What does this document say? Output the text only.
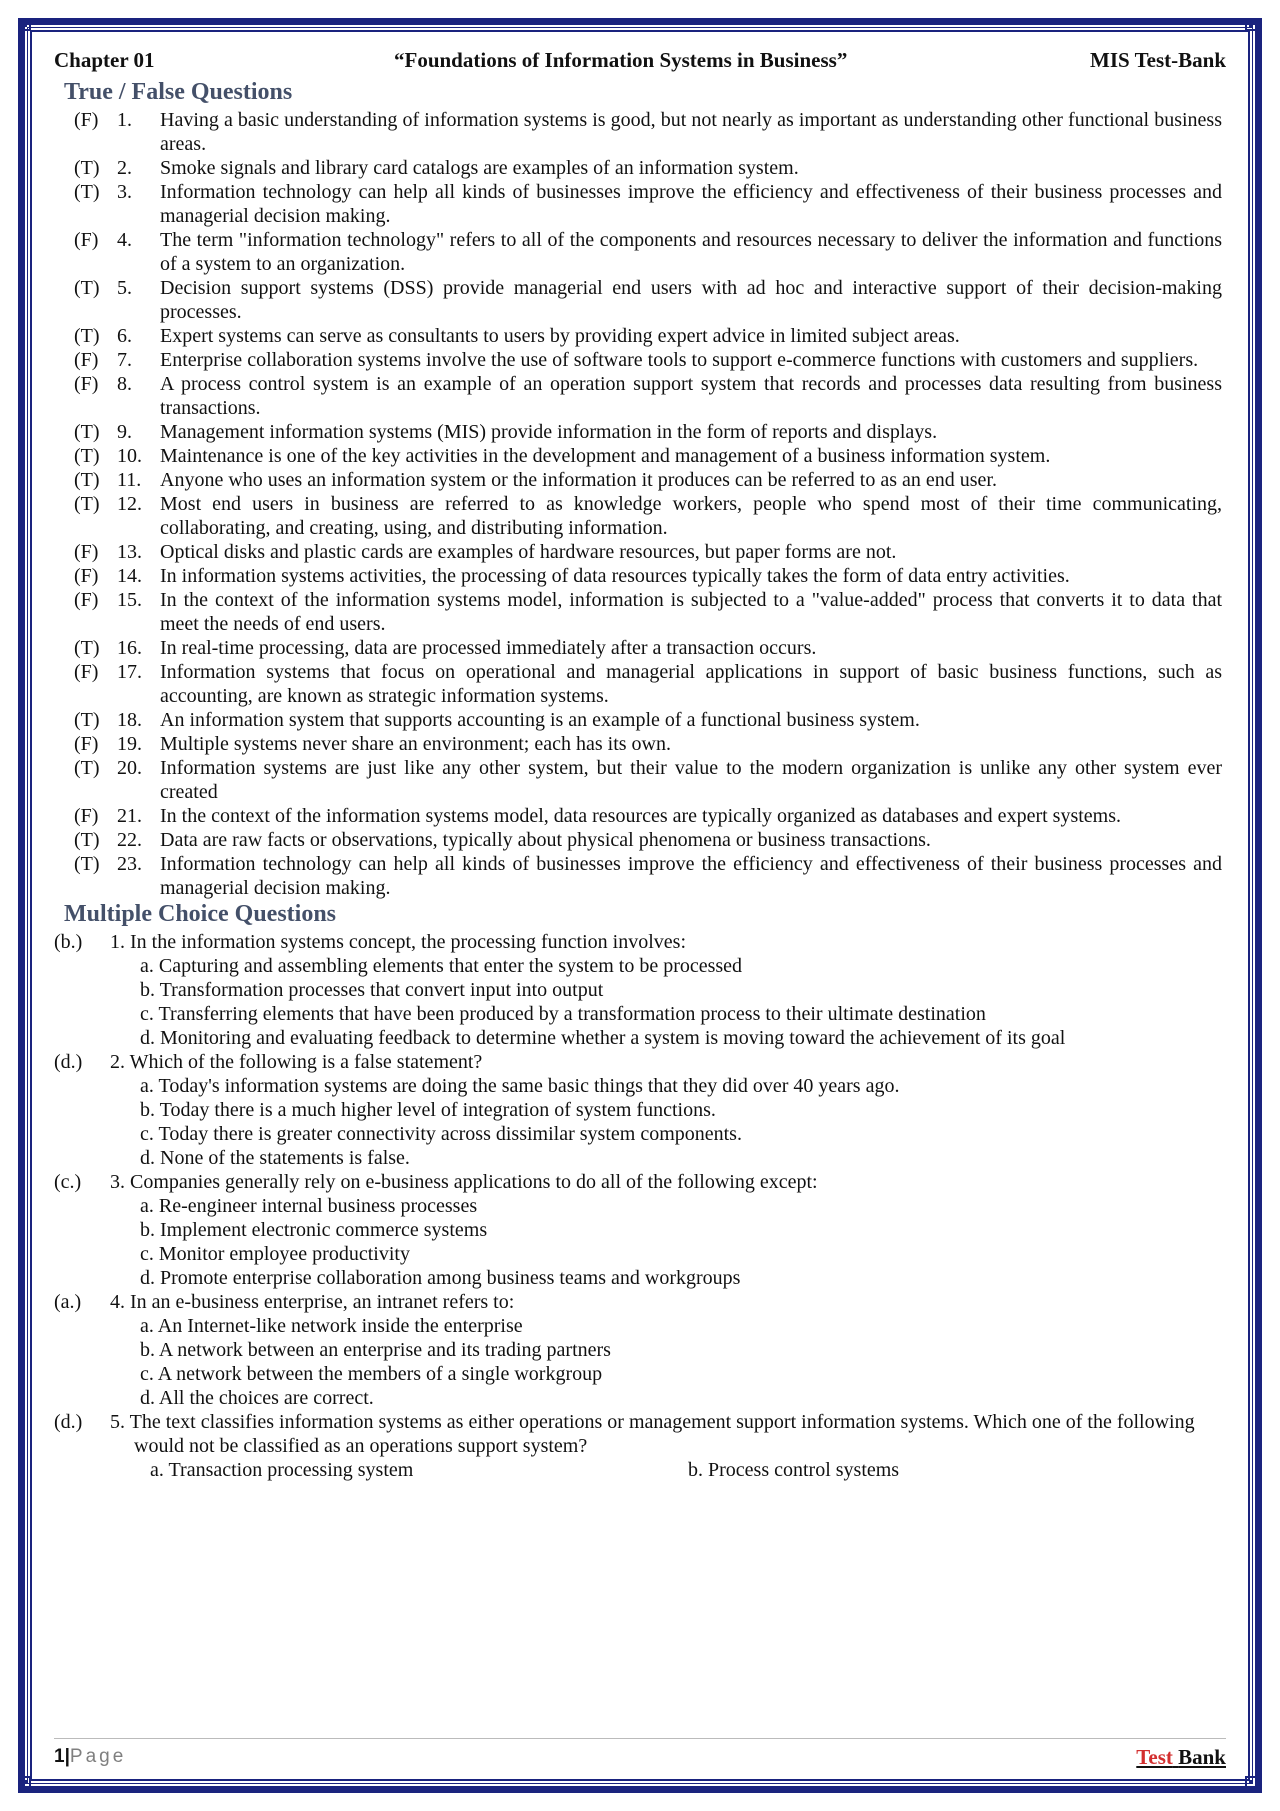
Chapter 01	“Foundations of Information Systems in Business”	MIS Test-Bank
True / False Questions
(F) 1. Having a basic understanding of information systems is good, but not nearly as important as understanding other functional business areas.
(T) 2. Smoke signals and library card catalogs are examples of an information system.
(T) 3. Information technology can help all kinds of businesses improve the efficiency and effectiveness of their business processes and managerial decision making.
(F) 4. The term "information technology" refers to all of the components and resources necessary to deliver the information and functions of a system to an organization.
(T) 5. Decision support systems (DSS) provide managerial end users with ad hoc and interactive support of their decision-making processes.
(T) 6. Expert systems can serve as consultants to users by providing expert advice in limited subject areas.
(F) 7. Enterprise collaboration systems involve the use of software tools to support e-commerce functions with customers and suppliers.
(F) 8. A process control system is an example of an operation support system that records and processes data resulting from business transactions.
(T) 9. Management information systems (MIS) provide information in the form of reports and displays.
(T) 10. Maintenance is one of the key activities in the development and management of a business information system.
(T) 11. Anyone who uses an information system or the information it produces can be referred to as an end user.
(T) 12. Most end users in business are referred to as knowledge workers, people who spend most of their time communicating, collaborating, and creating, using, and distributing information.
(F) 13. Optical disks and plastic cards are examples of hardware resources, but paper forms are not.
(F) 14. In information systems activities, the processing of data resources typically takes the form of data entry activities.
(F) 15. In the context of the information systems model, information is subjected to a "value-added" process that converts it to data that meet the needs of end users.
(T) 16. In real-time processing, data are processed immediately after a transaction occurs.
(F) 17. Information systems that focus on operational and managerial applications in support of basic business functions, such as accounting, are known as strategic information systems.
(T) 18. An information system that supports accounting is an example of a functional business system.
(F) 19. Multiple systems never share an environment; each has its own.
(T) 20. Information systems are just like any other system, but their value to the modern organization is unlike any other system ever created
(F) 21. In the context of the information systems model, data resources are typically organized as databases and expert systems.
(T) 22. Data are raw facts or observations, typically about physical phenomena or business transactions.
(T) 23. Information technology can help all kinds of businesses improve the efficiency and effectiveness of their business processes and managerial decision making.
Multiple Choice Questions
(b.)	1. In the information systems concept, the processing function involves:
a. Capturing and assembling elements that enter the system to be processed
b. Transformation processes that convert input into output
c. Transferring elements that have been produced by a transformation process to their ultimate destination
d. Monitoring and evaluating feedback to determine whether a system is moving toward the achievement of its goal
(d.)	2. Which of the following is a false statement?
a. Today's information systems are doing the same basic things that they did over 40 years ago.
b. Today there is a much higher level of integration of system functions.
c. Today there is greater connectivity across dissimilar system components.
d. None of the statements is false.
(c.)	3. Companies generally rely on e-business applications to do all of the following except:
a. Re-engineer internal business processes
b. Implement electronic commerce systems
c. Monitor employee productivity
d. Promote enterprise collaboration among business teams and workgroups
(a.)	4. In an e-business enterprise, an intranet refers to:
a. An Internet-like network inside the enterprise
b. A network between an enterprise and its trading partners
c. A network between the members of a single workgroup
d. All the choices are correct.
(d.)	5. The text classifies information systems as either operations or management support information systems. Which one of the following would not be classified as an operations support system?
a. Transaction processing system	b. Process control systems
1|Page	Test Bank
